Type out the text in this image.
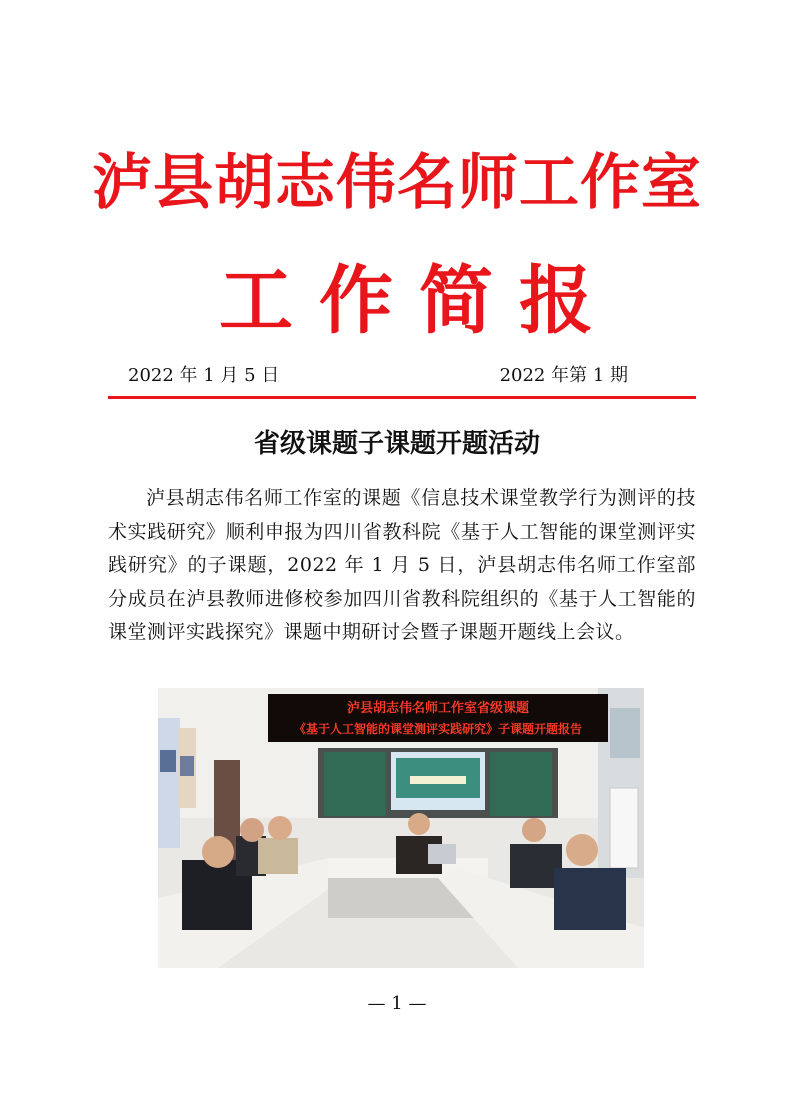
泸县胡志伟名师工作室
工作简报
2022 年 1 月 5 日	2022 年第 1 期
省级课题子课题开题活动

泸县胡志伟名师工作室的课题《信息技术课堂教学行为测评的技术实践研究》顺利申报为四川省教科院《基于人工智能的课堂测评实践研究》的子课题，2022 年 1 月 5 日，泸县胡志伟名师工作室部分成员在泸县教师进修校参加四川省教科院组织的《基于人工智能的课堂测评实践探究》课题中期研讨会暨子课题开题线上会议。

泸县胡志伟名师工作室省级课题
《基于人工智能的课堂测评实践研究》子课题开题报告
— 1 —
